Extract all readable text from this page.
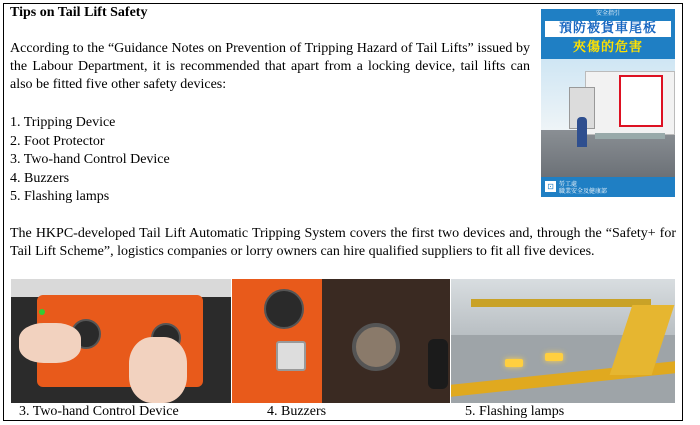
Tips on Tail Lift Safety

According to the “Guidance Notes on Prevention of Tripping Hazard of Tail Lifts” issued by the Labour Department, it is recommended that apart from a locking device, tail lifts can also be fitted five other safety devices:

1. Tripping Device
2. Foot Protector
3. Two-hand Control Device
4. Buzzers
5. Flashing lamps

The HKPC-developed Tail Lift Automatic Tripping System covers the first two devices and, through the “Safety+ for Tail Lift Scheme”, logistics companies or lorry owners can hire qualified suppliers to fit all five devices.

安全指引
預防被貨車尾板
夾傷的危害
⊡ 勞工處
職業安全及健康部
3. Two-hand Control Device	4. Buzzers	5. Flashing lamps
